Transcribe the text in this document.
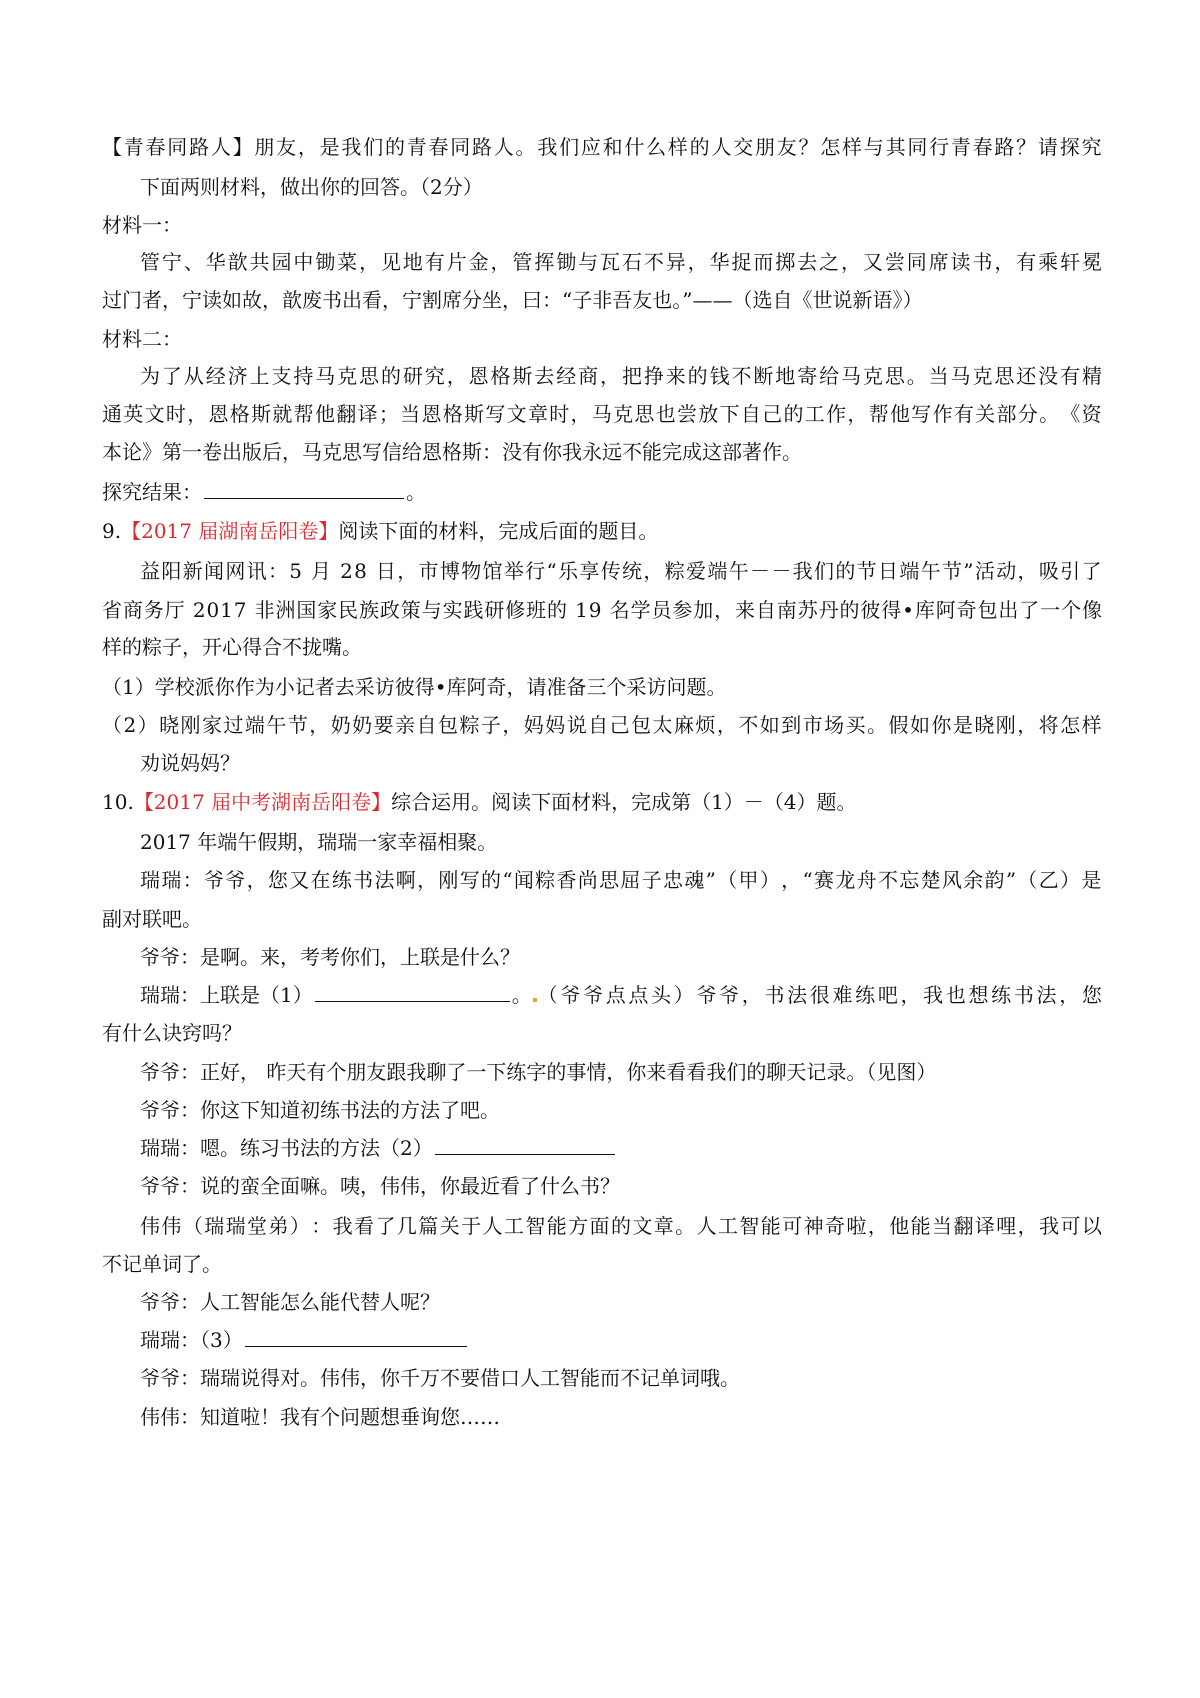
【 青 春 同 路 人 】 朋 友 ， 是 我 们 的 青 春 同 路 人 。 我 们 应 和 什 么 样 的 人 交 朋 友 ？ 怎 样 与 其 同 行 青 春 路 ？ 请 探 究
下面两则材料，做出你的回答。（2分）
材料一：
管 宁 、 华 歆 共 园 中 锄 菜 ， 见 地 有 片 金 ， 管 挥 锄 与 瓦 石 不 异 ， 华 捉 而 掷 去 之 ， 又 尝 同 席 读 书 ， 有 乘 轩 冕
过门者，宁读如故，歆废书出看，宁割席分坐，曰：“子非吾友也。”——（选自《世说新语》）
材料二：
为 了 从 经 济 上 支 持 马 克 思 的 研 究 ， 恩 格 斯 去 经 商 ， 把 挣 来 的 钱 不 断 地 寄 给 马 克 思 。 当 马 克 思 还 没 有 精
通 英 文 时 ， 恩 格 斯 就 帮 他 翻 译 ； 当 恩 格 斯 写 文 章 时 ， 马 克 思 也 尝 放 下 自 己 的 工 作 ， 帮 他 写 作 有 关 部 分 。 《 资
本论》第一卷出版后，马克思写信给恩格斯：没有你我永远不能完成这部著作。
探究结果：	。
9.【2017 届湖南岳阳卷】阅读下面的材料，完成后面的题目。
益 阳 新 闻 网 讯 ： 5
月
2 8
日 ， 市 博 物 馆 举 行 “ 乐 享 传 统 ， 粽 爱 端 午 － － 我 们 的 节 日 端 午 节 ” 活 动 ， 吸 引 了
省 商 务 厅
2 0 1 7
非 洲 国 家 民 族 政 策 与 实 践 研 修 班 的
1 9
名 学 员 参 加 ， 来 自 南 苏 丹 的 彼 得 • 库 阿 奇 包 出 了 一 个 像
样的粽子，开心得合不拢嘴。
（1）学校派你作为小记者去采访彼得•库阿奇，请准备三个采访问题。
（ 2 ） 晓 刚 家 过 端 午 节 ， 奶 奶 要 亲 自 包 粽 子 ， 妈 妈 说 自 己 包 太 麻 烦 ， 不 如 到 市 场 买 。 假 如 你 是 晓 刚 ， 将 怎 样
劝说妈妈？
10.【2017 届中考湖南岳阳卷】综合运用。阅读下面材料，完成第（1）－（4）题。
2017 年端午假期，瑞瑞一家幸福相聚。
瑞 瑞 ： 爷 爷 ， 您 又 在 练 书 法 啊 ， 刚 写 的 “ 闻 粽 香 尚 思 屈 子 忠 魂 ” （ 甲 ） ， “ 赛 龙 舟 不 忘 楚 风 余 韵 ” （ 乙 ） 是
副对联吧。
爷爷：是啊。来，考考你们，上联是什么？
瑞瑞：上联是（1）	。 （ 爷 爷 点 点 头 ） 爷 爷 ， 书 法 很 难 练 吧 ， 我 也 想 练 书 法 ， 您
有什么诀窍吗？
爷爷：正好， 昨天有个朋友跟我聊了一下练字的事情，你来看看我们的聊天记录。（见图）
爷爷：你这下知道初练书法的方法了吧。
瑞瑞：嗯。练习书法的方法（2）
爷爷：说的蛮全面嘛。咦，伟伟，你最近看了什么书？
伟 伟 （ 瑞 瑞 堂 弟 ） ： 我 看 了 几 篇 关 于 人 工 智 能 方 面 的 文 章 。 人 工 智 能 可 神 奇 啦 ， 他 能 当 翻 译 哩 ， 我 可 以
不记单词了。
爷爷：人工智能怎么能代替人呢？
瑞瑞：（3）
爷爷：瑞瑞说得对。伟伟，你千万不要借口人工智能而不记单词哦。
伟伟：知道啦！我有个问题想垂询您……
